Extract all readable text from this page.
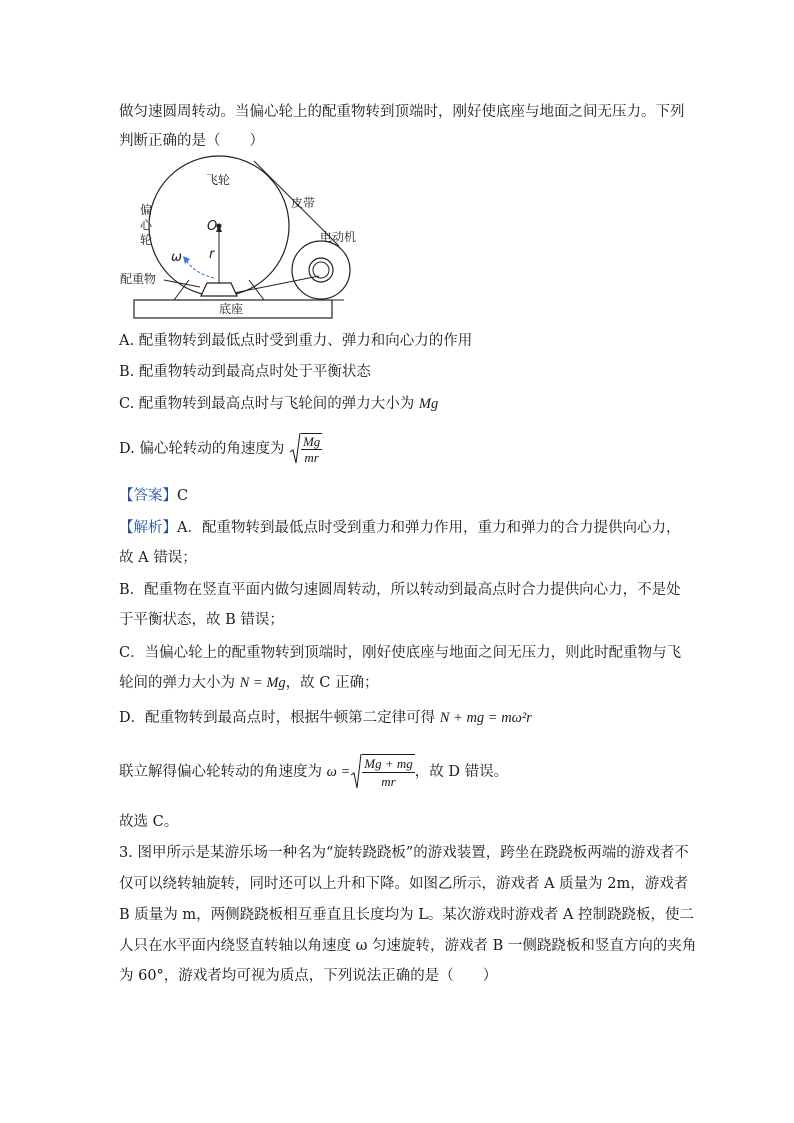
做匀速圆周转动。当偏心轮上的配重物转到顶端时，刚好使底座与地面之间无压力。下列
判断正确的是（　　）
飞轮
皮带
偏
心
轮
O
r
ω
电动机
配重物
底座
A. 配重物转到最低点时受到重力、弹力和向心力的作用
B. 配重物转动到最高点时处于平衡状态
C. 配重物转到最高点时与飞轮间的弹力大小为 Mg
D. 偏心轮转动的角速度为 $\frac{Mg}{mr}$
【答案】C
【解析】A．配重物转到最低点时受到重力和弹力作用，重力和弹力的合力提供向心力，
故 A 错误；
B．配重物在竖直平面内做匀速圆周转动，所以转动到最高点时合力提供向心力，不是处
于平衡状态，故 B 错误；
C．当偏心轮上的配重物转到顶端时，刚好使底座与地面之间无压力，则此时配重物与飞
轮间的弹力大小为 N = Mg，故 C 正确；
D．配重物转到最高点时，根据牛顿第二定律可得 N + mg = mω²r
联立解得偏心轮转动的角速度为 $\omega = \frac{Mg + mg}{mr}$ ，故 D 错误。
故选 C。
3. 图甲所示是某游乐场一种名为“旋转跷跷板”的游戏装置，跨坐在跷跷板两端的游戏者不
仅可以绕转轴旋转，同时还可以上升和下降。如图乙所示，游戏者 A 质量为 2m，游戏者
B 质量为 m，两侧跷跷板相互垂直且长度均为 L。某次游戏时游戏者 A 控制跷跷板，使二
人只在水平面内绕竖直转轴以角速度 ω 匀速旋转，游戏者 B 一侧跷跷板和竖直方向的夹角
为 60°，游戏者均可视为质点，下列说法正确的是（　　）
